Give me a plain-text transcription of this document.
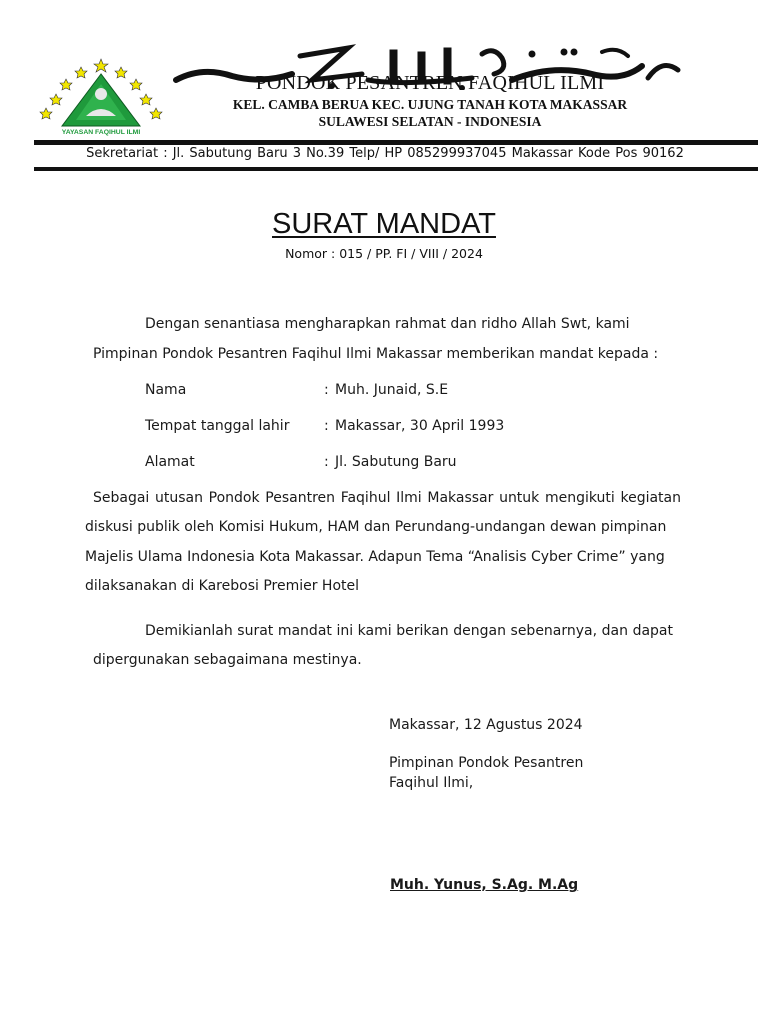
YAYASAN FAQIHUL ILMI
PONDOK PESANTREN FAQIHUL ILMI
KEL. CAMBA BERUA KEC. UJUNG TANAH KOTA MAKASSAR
SULAWESI SELATAN - INDONESIA
Sekretariat : Jl. Sabutung Baru 3 No.39 Telp/ HP 085299937045 Makassar Kode Pos 90162
SURAT MANDAT
Nomor : 015 / PP. FI / VIII / 2024
Dengan senantiasa mengharapkan rahmat dan ridho Allah Swt, kami
Pimpinan Pondok Pesantren Faqihul Ilmi Makassar memberikan mandat kepada :
Nama	: Muh. Junaid, S.E
Tempat tanggal lahir : Makassar, 30 April 1993
Alamat	: Jl. Sabutung Baru
Sebagai utusan Pondok Pesantren Faqihul Ilmi Makassar untuk mengikuti kegiatan
diskusi publik oleh Komisi Hukum, HAM dan Perundang-undangan dewan pimpinan
Majelis Ulama Indonesia Kota Makassar. Adapun Tema “Analisis Cyber Crime” yang
dilaksanakan di Karebosi Premier Hotel
Demikianlah surat mandat ini kami berikan dengan sebenarnya, dan dapat
dipergunakan sebagaimana mestinya.
Makassar, 12 Agustus 2024
Pimpinan Pondok Pesantren
Faqihul Ilmi,
Muh. Yunus, S.Ag. M.Ag
